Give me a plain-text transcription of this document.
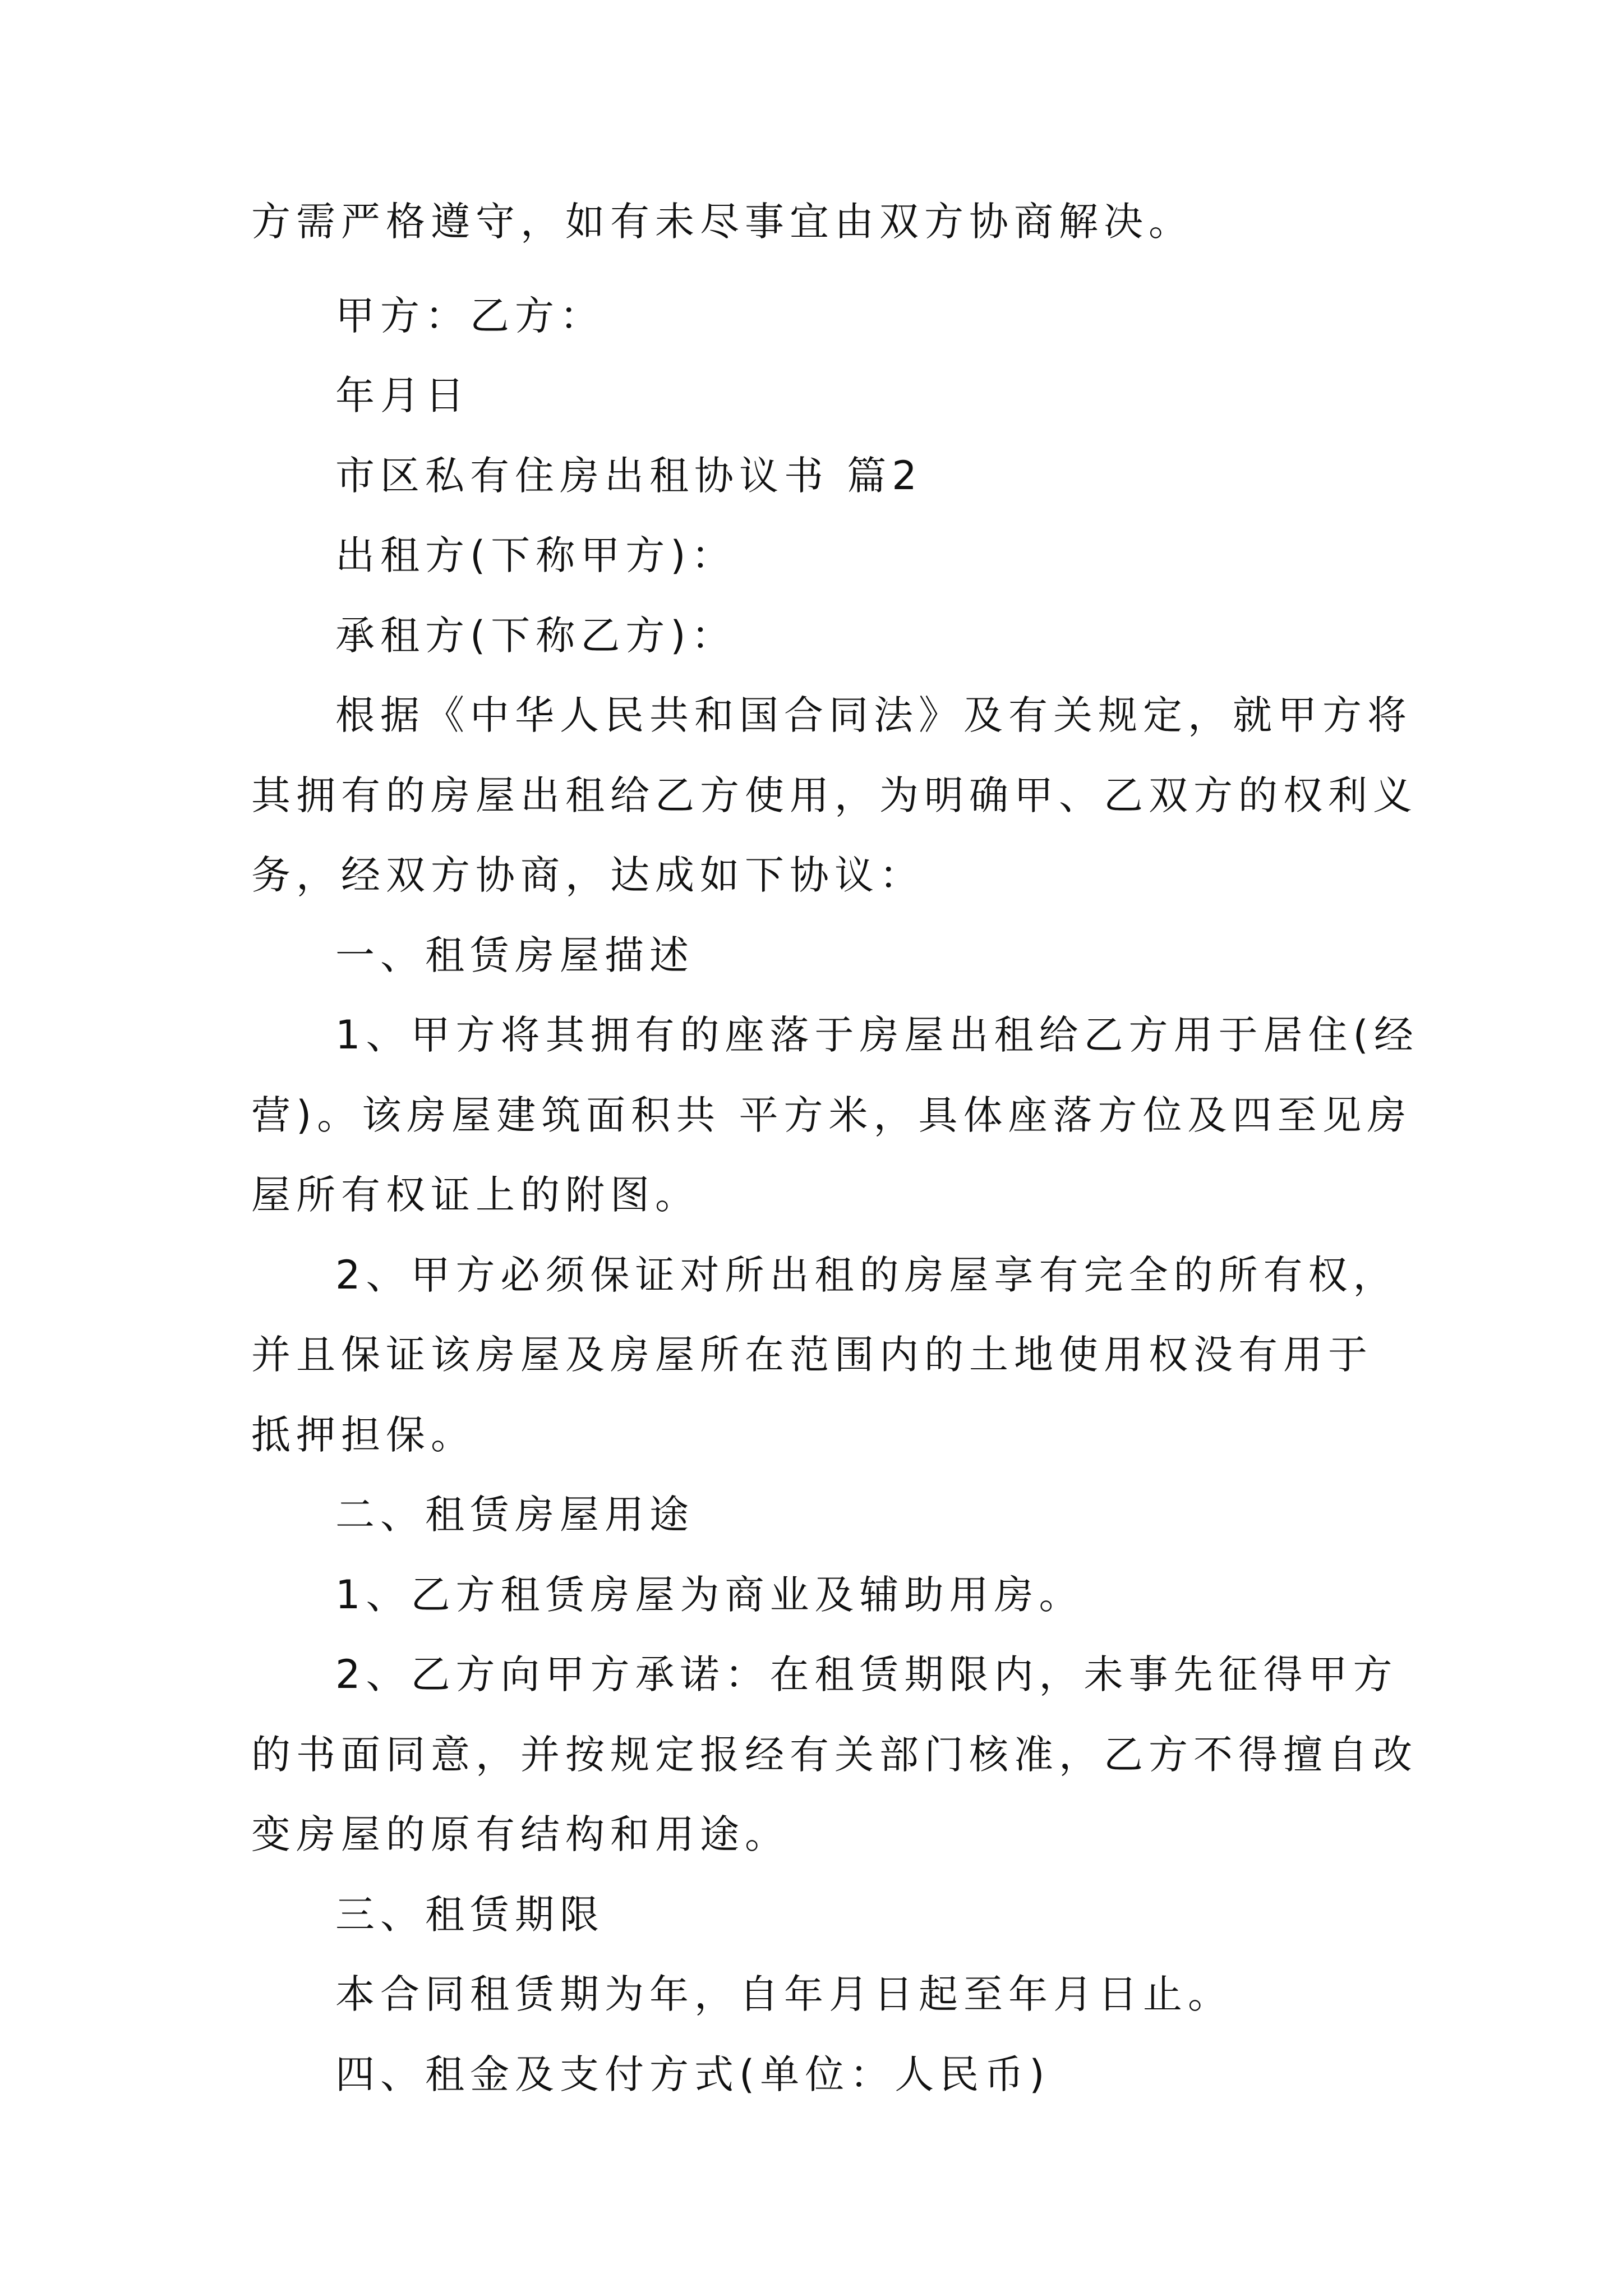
方需严格遵守，如有未尽事宜由双方协商解决。
甲方：乙方：
年月日
市区私有住房出租协议书 篇2
出租方(下称甲方)：
承租方(下称乙方)：
根据《中华人民共和国合同法》及有关规定，就甲方将
其拥有的房屋出租给乙方使用，为明确甲、乙双方的权利义
务，经双方协商，达成如下协议：
一、租赁房屋描述
1、甲方将其拥有的座落于房屋出租给乙方用于居住(经
营)。该房屋建筑面积共 平方米，具体座落方位及四至见房
屋所有权证上的附图。
2、甲方必须保证对所出租的房屋享有完全的所有权，
并且保证该房屋及房屋所在范围内的土地使用权没有用于
抵押担保。
二、租赁房屋用途
1、乙方租赁房屋为商业及辅助用房。
2、乙方向甲方承诺：在租赁期限内，未事先征得甲方
的书面同意，并按规定报经有关部门核准，乙方不得擅自改
变房屋的原有结构和用途。
三、租赁期限
本合同租赁期为年，自年月日起至年月日止。
四、租金及支付方式(单位：人民币)
